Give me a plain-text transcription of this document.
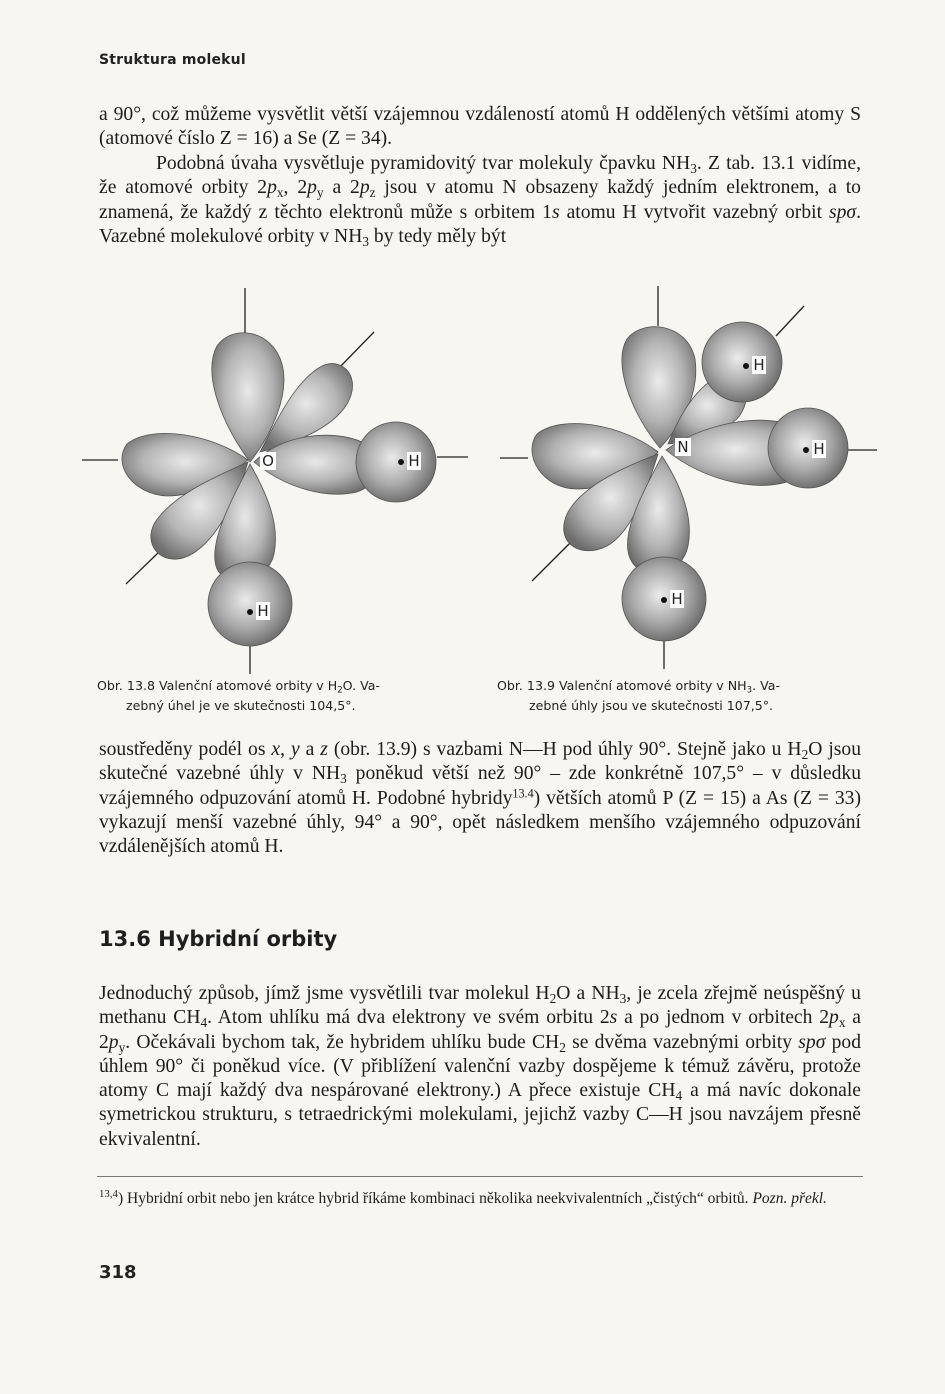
Struktura molekul

a 90°, což můžeme vysvětlit větší vzájemnou vzdáleností atomů H oddělených většími atomy S (atomové číslo Z = 16) a Se (Z = 34).

Podobná úvaha vysvětluje pyramidovitý tvar molekuly čpavku $NH_3$. Z tab. 13.1 vidíme, že atomové orbity $2p_x$, $2p_y$ a $2p_z$ jsou v atomu N obsazeny každý jedním elektronem, a to znamená, že každý z těchto elektronů může s orbitem 1s atomu H vytvořit vazebný orbit spσ. Vazebné molekulové orbity v $NH_3$ by tedy měly být

O	H
H
N
H
H
H
Obr. 13.8 Valenční atomové orbity v $H_2O$. Va-
zebný úhel je ve skutečnosti 104,5°.
Obr. 13.9 Valenční atomové orbity v $NH_3$. Va-
zebné úhly jsou ve skutečnosti 107,5°.

soustředěny podél os x, y a z (obr. 13.9) s vazbami N—H pod úhly 90°. Stejně jako u $H_2O$ jsou skutečné vazebné úhly v $NH_3$ poněkud větší než 90° – zde konkrétně 107,5° – v důsledku vzájemného odpuzování atomů H. Podobné hybridy$^{13.4}$) větších atomů P (Z = 15) a As (Z = 33) vykazují menší vazebné úhly, 94° a 90°, opět následkem menšího vzájemného odpuzování vzdálenějších atomů H.

13.6 Hybridní orbity

Jednoduchý způsob, jímž jsme vysvětlili tvar molekul $H_2O$ a $NH_3$, je zcela zřejmě neúspěšný u methanu $CH_4$. Atom uhlíku má dva elektrony ve svém orbitu 2s a po jednom v orbitech $2p_x$ a $2p_y$. Očekávali bychom tak, že hybridem uhlíku bude $CH_2$ se dvěma vazebnými orbity spσ pod úhlem 90° či poněkud více. (V přiblížení valenční vazby dospějeme k témuž závěru, protože atomy C mají každý dva nespárované elektrony.) A přece existuje $CH_4$ a má navíc dokonale symetrickou strukturu, s tetraedrickými molekulami, jejichž vazby C—H jsou navzájem přesně ekvivalentní.

$^{13,4}$) Hybridní orbit nebo jen krátce hybrid říkáme kombinaci několika neekvivalentních „čistých“ orbitů. Pozn. překl.

318
